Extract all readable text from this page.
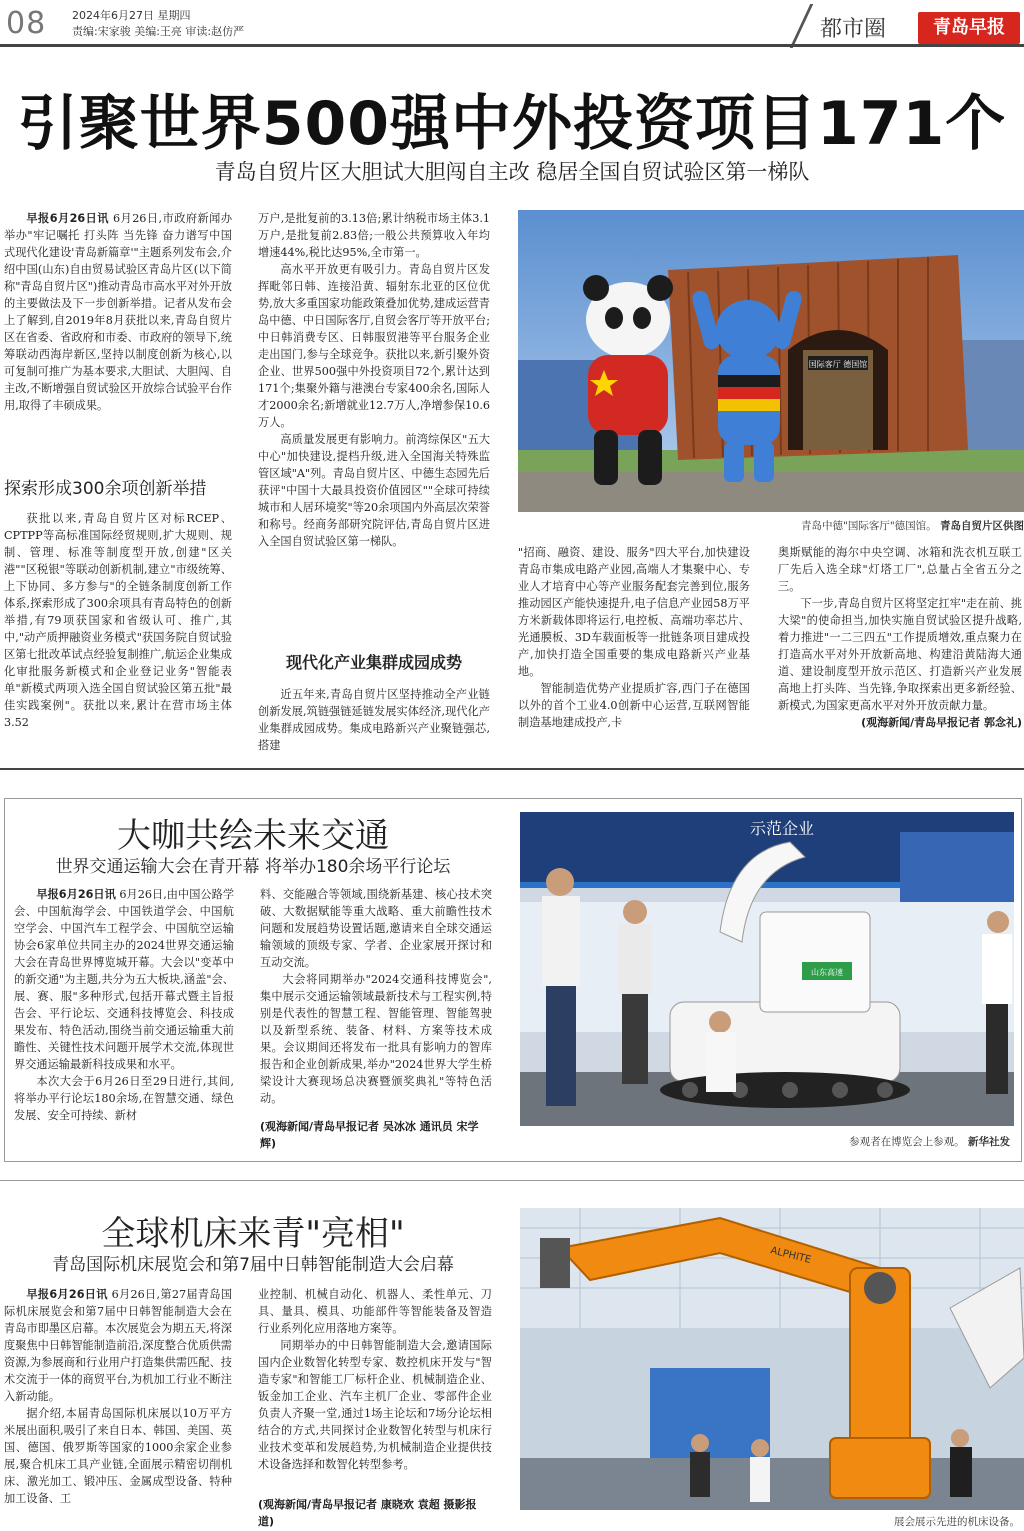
08 2024年6月27日 星期四
责编:宋家骏 美编:王亮 审读:赵仿严	都市圈	青岛早报
引聚世界500强中外投资项目171个
青岛自贸片区大胆试大胆闯自主改 稳居全国自贸试验区第一梯队

早报6月26日讯 6月26日,市政府新闻办举办"牢记嘱托 打头阵 当先锋 奋力谱写中国式现代化建设'青岛新篇章'"主题系列发布会,介绍中国(山东)自由贸易试验区青岛片区(以下简称"青岛自贸片区")推动青岛市高水平对外开放的主要做法及下一步创新举措。记者从发布会上了解到,自2019年8月获批以来,青岛自贸片区在省委、省政府和市委、市政府的领导下,统筹联动西海岸新区,坚持以制度创新为核心,以可复制可推广为基本要求,大胆试、大胆闯、自主改,不断增强自贸试验区开放综合试验平台作用,取得了丰硕成果。

探索形成300余项创新举措

获批以来,青岛自贸片区对标RCEP、CPTPP等高标准国际经贸规则,扩大规则、规制、管理、标准等制度型开放,创建"区关港""区税银"等联动创新机制,建立"市级统筹、上下协同、多方参与"的全链条制度创新工作体系,探索形成了300余项具有青岛特色的创新举措,有79项获国家和省级认可、推广,其中,"动产质押融资业务模式"获国务院自贸试验区第七批改革试点经验复制推广,航运企业集成化审批服务新模式和企业登记业务"智能表单"新模式两项入选全国自贸试验区第五批"最佳实践案例"。获批以来,累计在营市场主体3.52

万户,是批复前的3.13倍;累计纳税市场主体3.1万户,是批复前2.83倍;一般公共预算收入年均增速44%,税比达95%,全市第一。

高水平开放更有吸引力。青岛自贸片区发挥毗邻日韩、连接沿黄、辐射东北亚的区位优势,放大多重国家功能政策叠加优势,建成运营青岛中德、中日国际客厅,自贸会客厅等开放平台;中日韩消费专区、日韩服贸港等平台服务企业走出国门,参与全球竞争。获批以来,新引聚外资企业、世界500强中外投资项目72个,累计达到171个;集聚外籍与港澳台专家400余名,国际人才2000余名;新增就业12.7万人,净增参保10.6万人。

高质量发展更有影响力。前湾综保区"五大中心"加快建设,提档升级,进入全国海关特殊监管区域"A"列。青岛自贸片区、中德生态园先后获评"中国十大最具投资价值园区""全球可持续城市和人居环境奖"等20余项国内外高层次荣誉和称号。经商务部研究院评估,青岛自贸片区进入全国自贸试验区第一梯队。

现代化产业集群成园成势

近五年来,青岛自贸片区坚持推动全产业链创新发展,筑链强链延链发展实体经济,现代化产业集群成园成势。集成电路新兴产业聚链强芯,搭建

国际客厅 德国馆
青岛中德"国际客厅"德国馆。 青岛自贸片区供图

"招商、融资、建设、服务"四大平台,加快建设青岛市集成电路产业园,高端人才集聚中心、专业人才培育中心等产业服务配套完善到位,服务推动园区产能快速提升,电子信息产业园58万平方米新载体即将运行,电控板、高端功率芯片、光通膜板、3D车载面板等一批链条项目建成投产,加快打造全国重要的集成电路新兴产业基地。

智能制造优势产业提质扩容,西门子在德国以外的首个工业4.0创新中心运营,互联网智能制造基地建成投产,卡

奥斯赋能的海尔中央空调、冰箱和洗衣机互联工厂先后入选全球"灯塔工厂",总量占全省五分之三。

下一步,青岛自贸片区将坚定扛牢"走在前、挑大梁"的使命担当,加快实施自贸试验区提升战略,着力推进"一二三四五"工作提质增效,重点聚力在打造高水平对外开放新高地、构建沿黄陆海大通道、建设制度型开放示范区、打造新兴产业发展高地上打头阵、当先锋,争取探索出更多新经验、新模式,为国家更高水平对外开放贡献力量。

(观海新闻/青岛早报记者 郭念礼)
大咖共绘未来交通
世界交通运输大会在青开幕 将举办180余场平行论坛

早报6月26日讯 6月26日,由中国公路学会、中国航海学会、中国铁道学会、中国航空学会、中国汽车工程学会、中国航空运输协会6家单位共同主办的2024世界交通运输大会在青岛世界博览城开幕。大会以"变革中的新交通"为主题,共分为五大板块,涵盖"会、展、赛、服"多种形式,包括开幕式暨主旨报告会、平行论坛、交通科技博览会、科技成果发布、特色活动,围绕当前交通运输重大前瞻性、关键性技术问题开展学术交流,体现世界交通运输最新科技成果和水平。

本次大会于6月26日至29日进行,其间,将举办平行论坛180余场,在智慧交通、绿色发展、安全可持续、新材

料、交能融合等领域,围绕新基建、核心技术突破、大数据赋能等重大战略、重大前瞻性技术问题和发展趋势设置话题,邀请来自全球交通运输领域的顶级专家、学者、企业家展开探讨和互动交流。

大会将同期举办"2024交通科技博览会",集中展示交通运输领域最新技术与工程实例,特别是代表性的智慧工程、智能管理、智能驾驶以及新型系统、装备、材料、方案等技术成果。会议期间还将发布一批具有影响力的智库报告和企业创新成果,举办"2024世界大学生桥梁设计大赛现场总决赛暨颁奖典礼"等特色活动。

(观海新闻/青岛早报记者 吴冰冰 通讯员 宋学辉)
示范企业
山东高速
参观者在博览会上参观。 新华社发
全球机床来青"亮相"
青岛国际机床展览会和第7届中日韩智能制造大会启幕

早报6月26日讯 6月26日,第27届青岛国际机床展览会和第7届中日韩智能制造大会在青岛市即墨区启幕。本次展览会为期五天,将深度聚焦中日韩智能制造前沿,深度整合优质供需资源,为参展商和行业用户打造集供需匹配、技术交流于一体的商贸平台,为机加工行业不断注入新动能。

据介绍,本届青岛国际机床展以10万平方米展出面积,吸引了来自日本、韩国、美国、英国、德国、俄罗斯等国家的1000余家企业参展,聚合机床工具产业链,全面展示精密切削机床、激光加工、锻冲压、金属成型设备、特种加工设备、工

业控制、机械自动化、机器人、柔性单元、刀具、量具、模具、功能部件等智能装备及智造行业系列化应用落地方案等。

同期举办的中日韩智能制造大会,邀请国际国内企业数智化转型专家、数控机床开发与"智造专家"和智能工厂标杆企业、机械制造企业、钣金加工企业、汽车主机厂企业、零部件企业负责人齐聚一堂,通过1场主论坛和7场分论坛相结合的方式,共同探讨企业数智化转型与机床行业技术变革和发展趋势,为机械制造企业提供技术设备选择和数智化转型参考。

(观海新闻/青岛早报记者 康晓欢 袁超 摄影报道)
ALPHITE
展会展示先进的机床设备。
